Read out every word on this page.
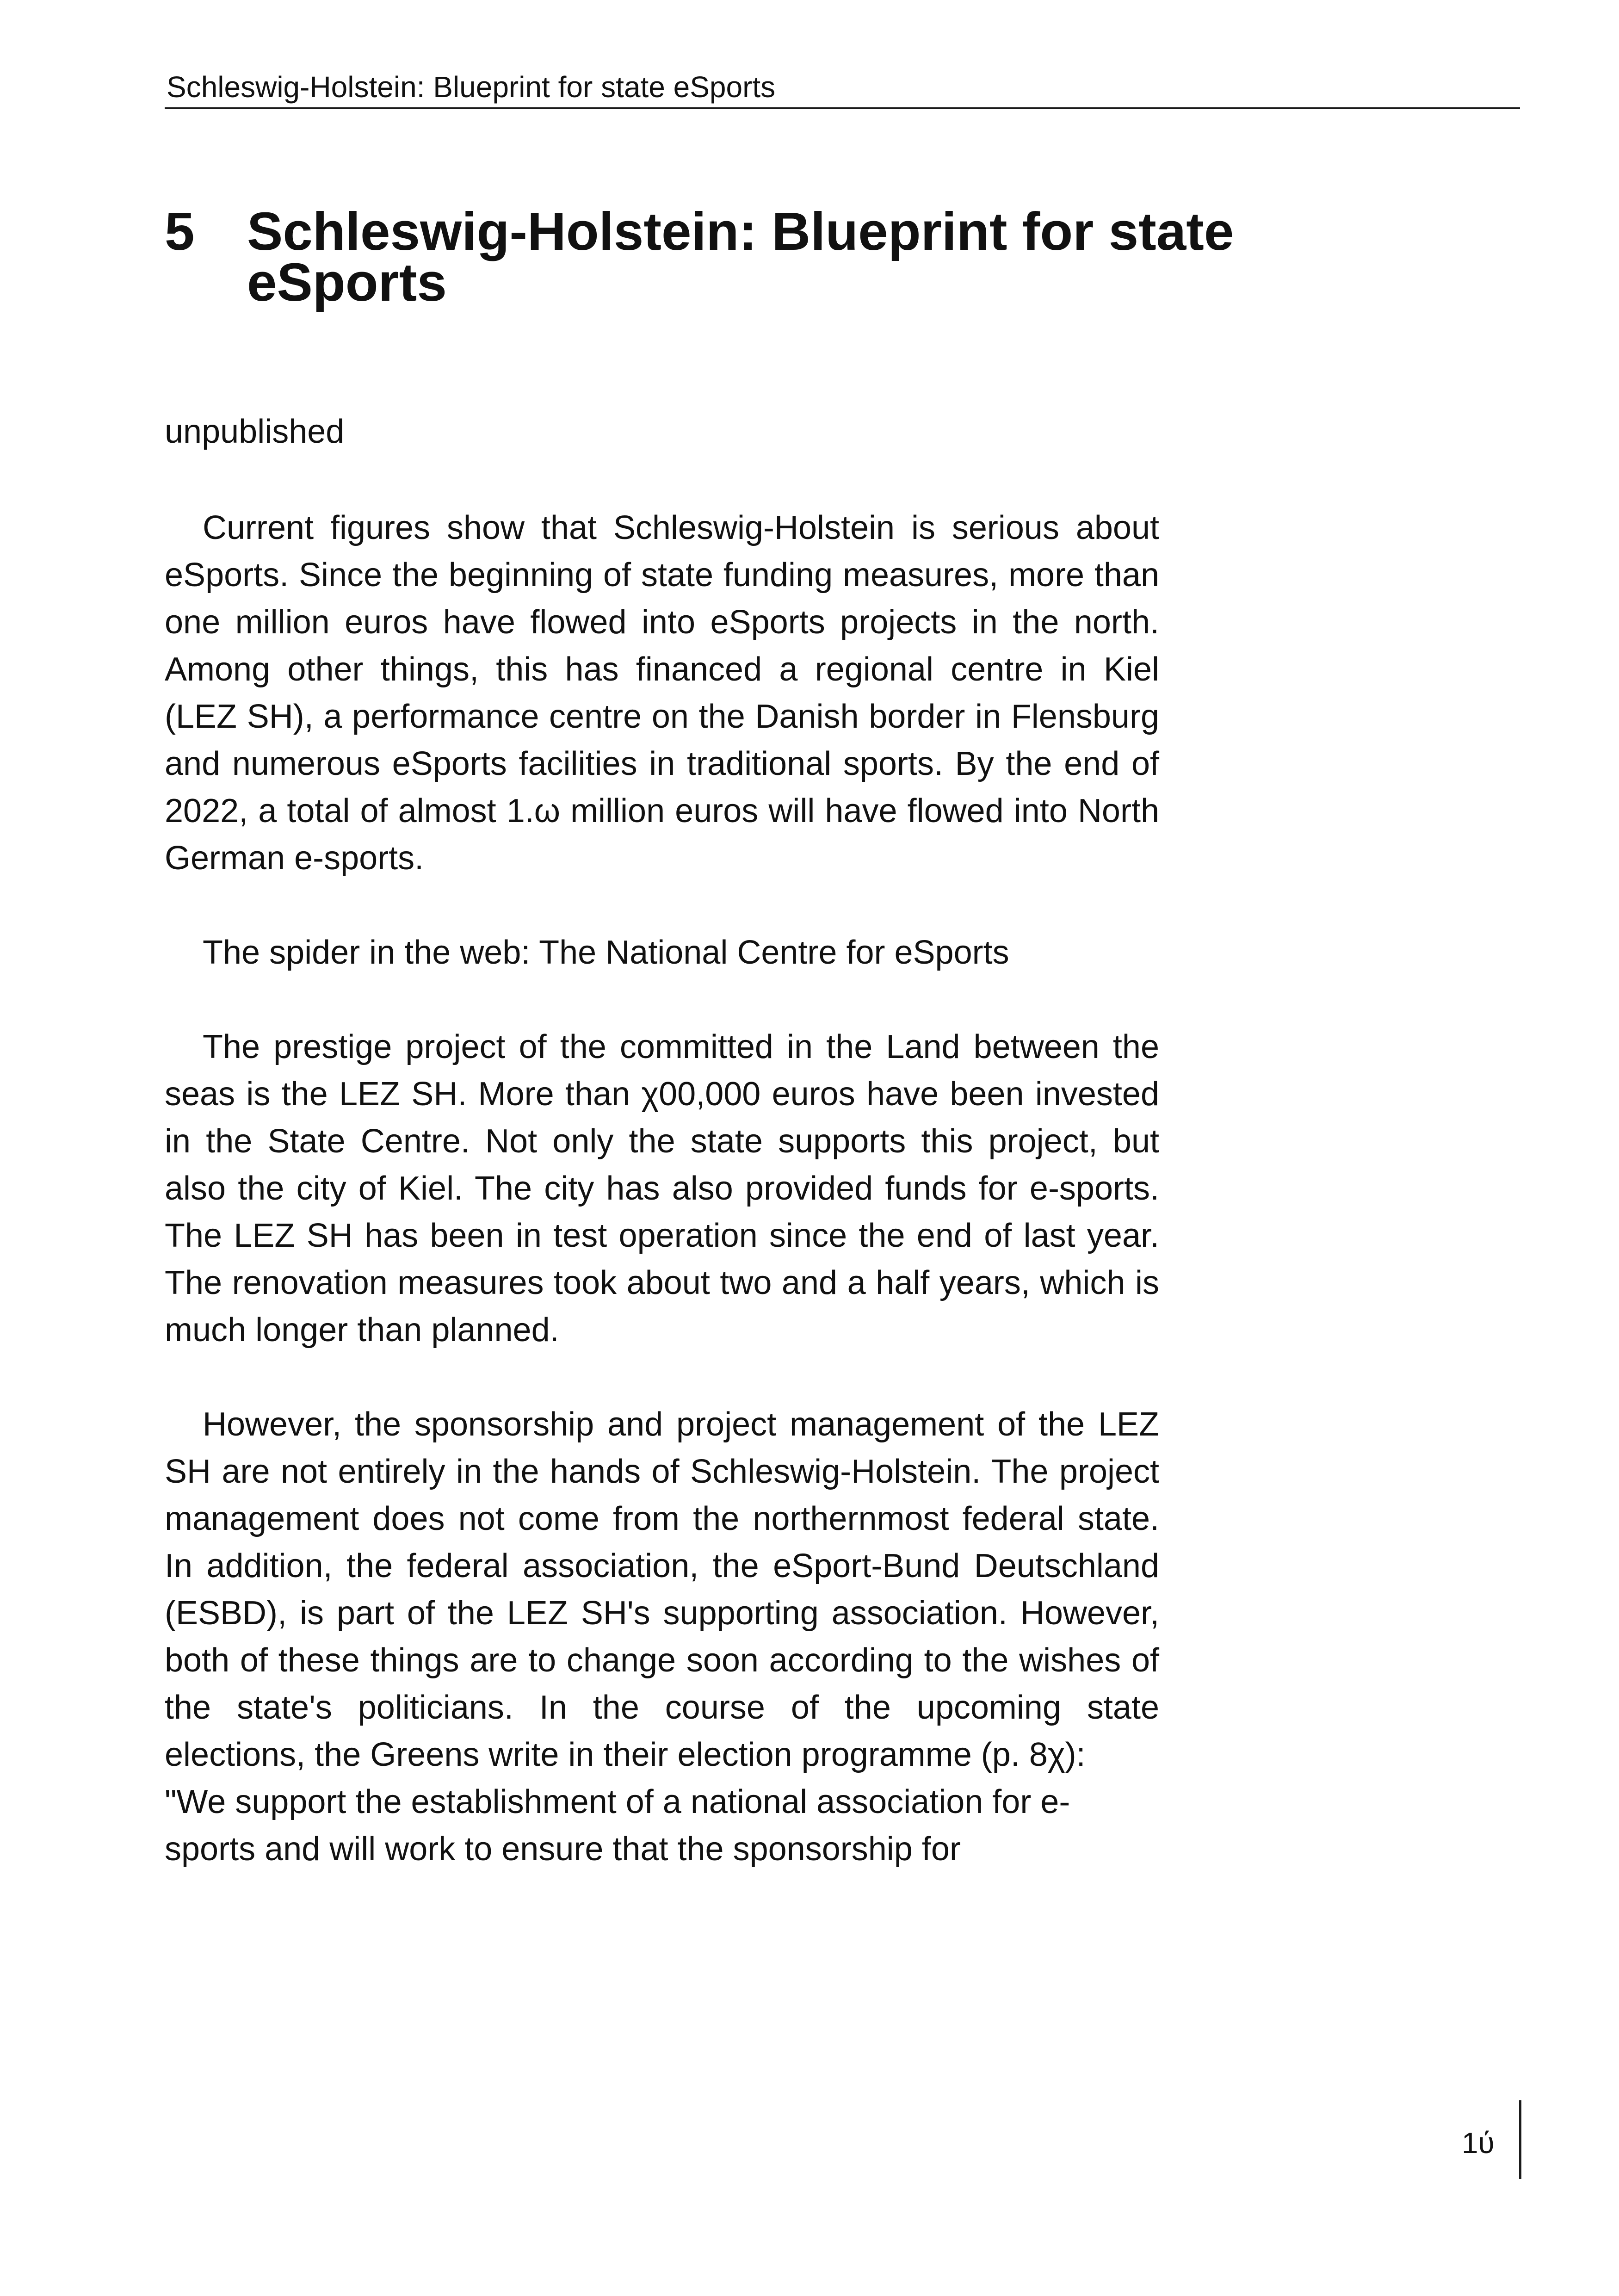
Schleswig-Holstein: Blueprint for state eSports
5 Schleswig-Holstein: Blueprint for state eSports
unpublished

Current figures show that Schleswig-Holstein is serious about eSports. Since the beginning of state funding measures, more than one million euros have flowed into eSports projects in the north. Among other things, this has financed a regional centre in Kiel (LEZ SH), a performance centre on the Danish border in Flensburg and numerous eSports facilities in traditional sports. By the end of 2022, a total of almost 1.ω million euros will have flowed into North German e-sports.

The spider in the web: The National Centre for eSports

The prestige project of the committed in the Land between the seas is the LEZ SH. More than χ00,000 euros have been invested in the State Centre. Not only the state supports this project, but also the city of Kiel. The city has also provided funds for e-sports. The LEZ SH has been in test operation since the end of last year. The renovation measures took about two and a half years, which is much longer than planned.

However, the sponsorship and project management of the LEZ SH are not entirely in the hands of Schleswig-Holstein. The project management does not come from the northernmost federal state. In addition, the federal association, the eSport-Bund Deutschland (ESBD), is part of the LEZ SH's supporting association. However, both of these things are to change soon according to the wishes of the state's politicians. In the course of the upcoming state elections, the Greens write in their election programme (p. 8χ):

"We support the establishment of a national association for e-sports and will work to ensure that the sponsorship for

1ύ
